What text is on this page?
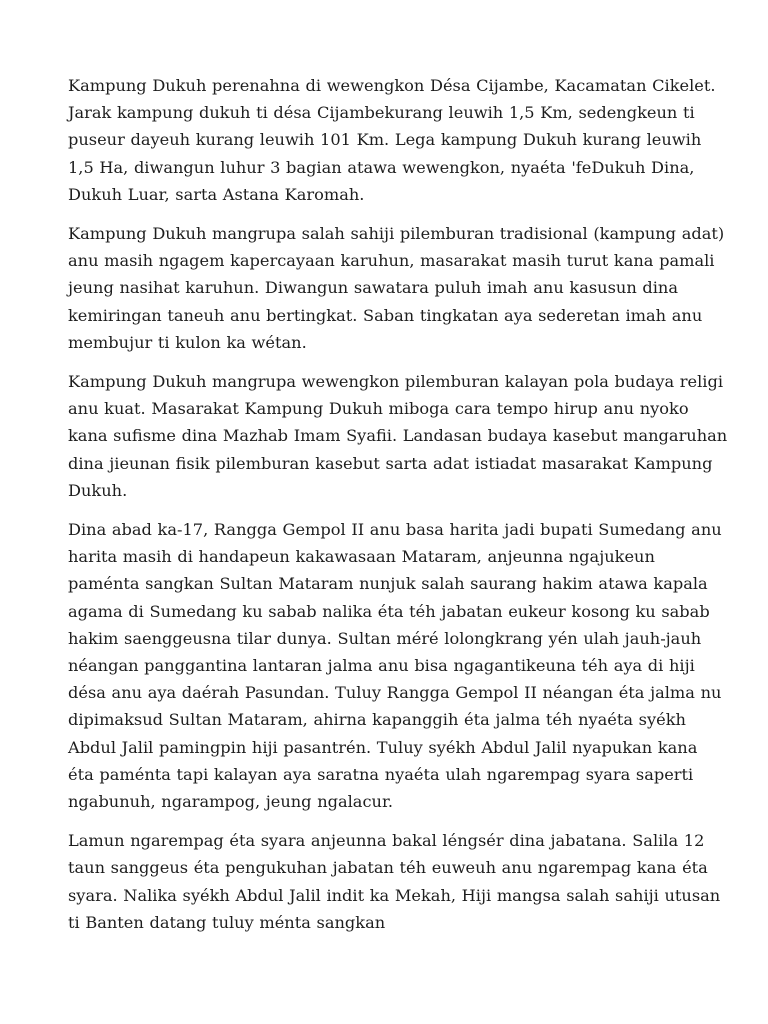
Kampung Dukuh perenahna di wewengkon Désa Cijambe, Kacamatan Cikelet. Jarak kampung dukuh ti désa Cijambekurang leuwih 1,5 Km, sedengkeun ti puseur dayeuh kurang leuwih 101 Km. Lega kampung Dukuh kurang leuwih 1,5 Ha, diwangun luhur 3 bagian atawa wewengkon, nyaéta 'feDukuh Dina, Dukuh Luar, sarta Astana Karomah.

Kampung Dukuh mangrupa salah sahiji pilemburan tradisional (kampung adat) anu masih ngagem kapercayaan karuhun, masarakat masih turut kana pamali jeung nasihat karuhun. Diwangun sawatara puluh imah anu kasusun dina kemiringan taneuh anu bertingkat. Saban tingkatan aya sederetan imah anu membujur ti kulon ka wétan.

Kampung Dukuh mangrupa wewengkon pilemburan kalayan pola budaya religi anu kuat. Masarakat Kampung Dukuh miboga cara tempo hirup anu nyoko kana sufisme dina Mazhab Imam Syafii. Landasan budaya kasebut mangaruhan dina jieunan fisik pilemburan kasebut sarta adat istiadat masarakat Kampung Dukuh.

Dina abad ka-17, Rangga Gempol II anu basa harita jadi bupati Sumedang anu harita masih di handapeun kakawasaan Mataram, anjeunna ngajukeun paménta sangkan Sultan Mataram nunjuk salah saurang hakim atawa kapala agama di Sumedang ku sabab nalika éta téh jabatan eukeur kosong ku sabab hakim saenggeusna tilar dunya. Sultan méré lolongkrang yén ulah jauh-jauh néangan panggantina lantaran jalma anu bisa ngagantikeuna téh aya di hiji désa anu aya daérah Pasundan. Tuluy Rangga Gempol II néangan éta jalma nu dipimaksud Sultan Mataram, ahirna kapanggih éta jalma téh nyaéta syékh Abdul Jalil pamingpin hiji pasantrén. Tuluy syékh Abdul Jalil nyapukan kana éta paménta tapi kalayan aya saratna nyaéta ulah ngarempag syara saperti ngabunuh, ngarampog, jeung ngalacur.

Lamun ngarempag éta syara anjeunna bakal léngsér dina jabatana. Salila 12 taun sanggeus éta pengukuhan jabatan téh euweuh anu ngarempag kana éta syara. Nalika syékh Abdul Jalil indit ka Mekah, Hiji mangsa salah sahiji utusan ti Banten datang tuluy ménta sangkan
